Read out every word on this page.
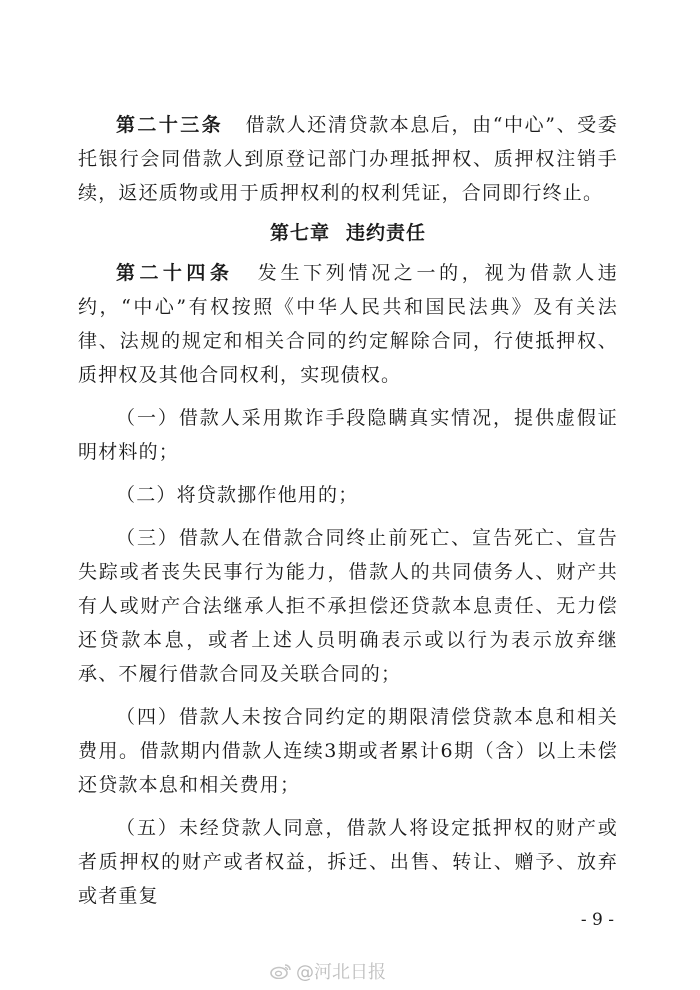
第二十三条 借款人还清贷款本息后，由“中心”、受委托银行会同借款人到原登记部门办理抵押权、质押权注销手续，返还质物或用于质押权利的权利凭证，合同即行终止。

第七章 违约责任

第二十四条 发生下列情况之一的，视为借款人违约，“中心”有权按照《中华人民共和国民法典》及有关法律、法规的规定和相关合同的约定解除合同，行使抵押权、质押权及其他合同权利，实现债权。

（一）借款人采用欺诈手段隐瞒真实情况，提供虚假证明材料的；

（二）将贷款挪作他用的；

（三）借款人在借款合同终止前死亡、宣告死亡、宣告失踪或者丧失民事行为能力，借款人的共同债务人、财产共有人或财产合法继承人拒不承担偿还贷款本息责任、无力偿还贷款本息，或者上述人员明确表示或以行为表示放弃继承、不履行借款合同及关联合同的；

（四）借款人未按合同约定的期限清偿贷款本息和相关费用。借款期内借款人连续3期或者累计6期（含）以上未偿还贷款本息和相关费用；

（五）未经贷款人同意，借款人将设定抵押权的财产或者质押权的财产或者权益，拆迁、出售、转让、赠予、放弃或者重复

- 9 -
@河北日报
